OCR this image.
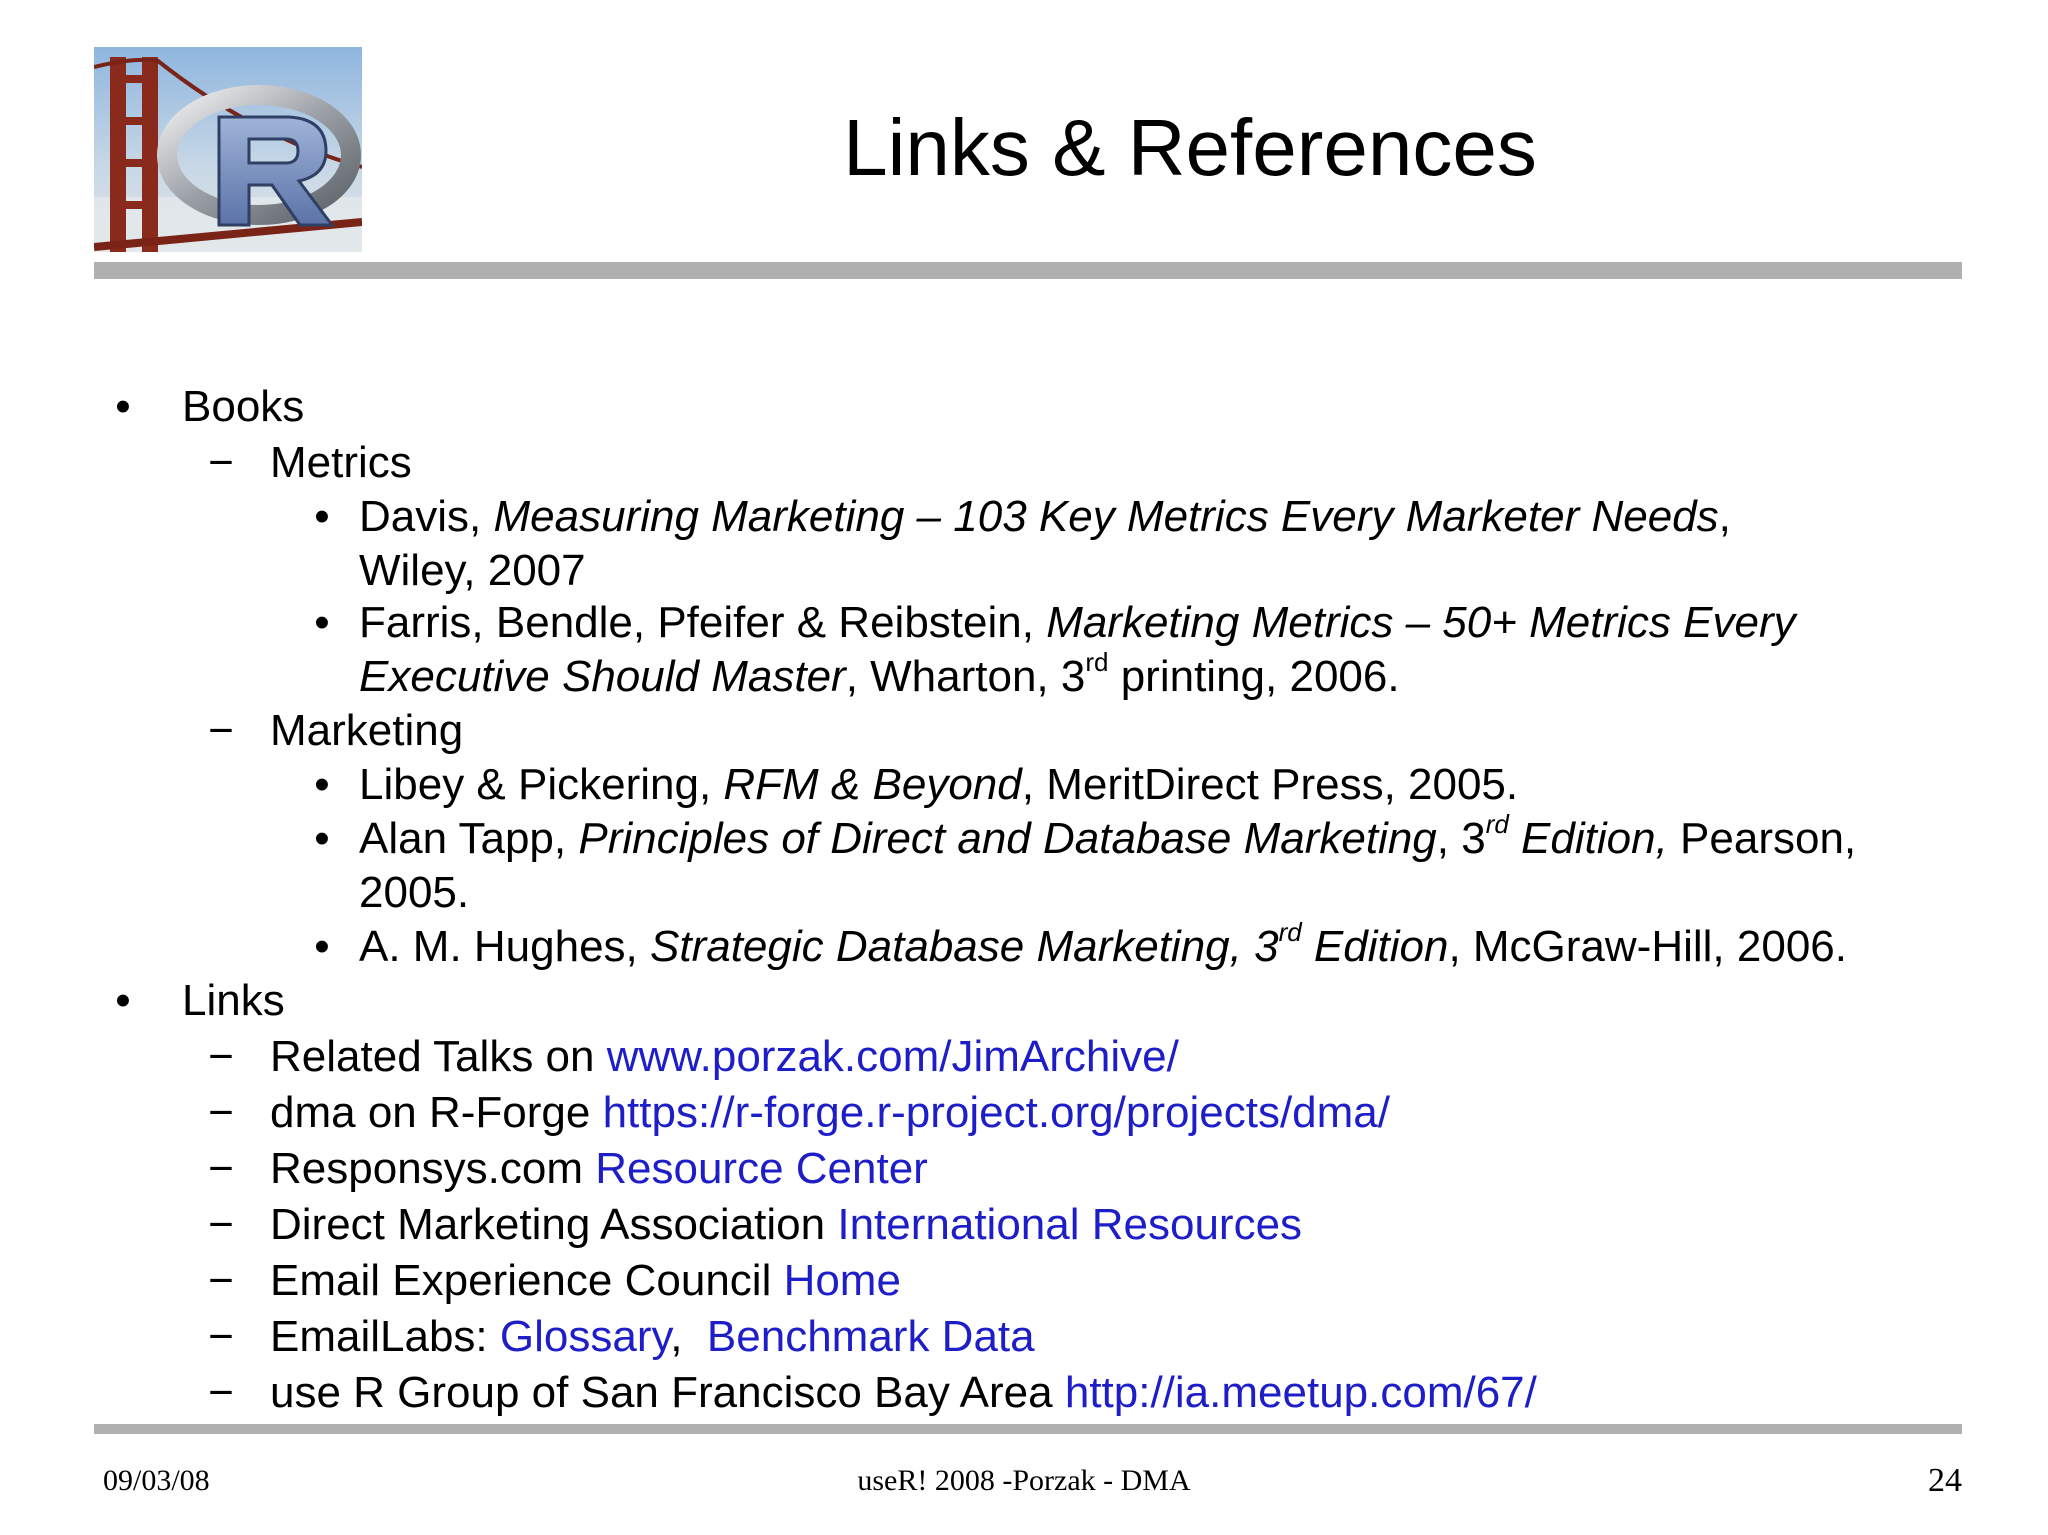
Links & References
• Books
− Metrics
• Davis, Measuring Marketing – 103 Key Metrics Every Marketer Needs,
Wiley, 2007
• Farris, Bendle, Pfeifer & Reibstein, Marketing Metrics – 50+ Metrics Every
Executive Should Master, Wharton, 3rd printing, 2006.
− Marketing
• Libey & Pickering, RFM & Beyond, MeritDirect Press, 2005.
• Alan Tapp, Principles of Direct and Database Marketing, 3rd Edition, Pearson,
2005.
• A. M. Hughes, Strategic Database Marketing, 3rd Edition, McGraw-Hill, 2006.
• Links
− Related Talks on www.porzak.com/JimArchive/
− dma on R-Forge https://r-forge.r-project.org/projects/dma/
− Responsys.com Resource Center
− Direct Marketing Association International Resources
− Email Experience Council Home
− EmailLabs: Glossary,  Benchmark Data
− use R Group of San Francisco Bay Area http://ia.meetup.com/67/
09/03/08	useR! 2008 -Porzak - DMA	24
